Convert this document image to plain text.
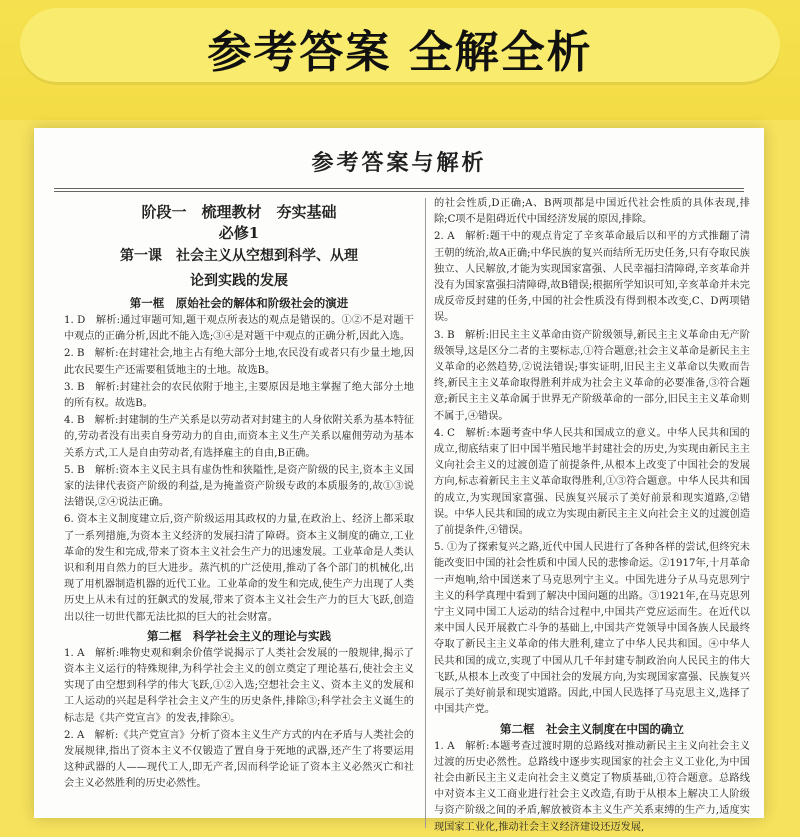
参考答案 全解全析
参考答案与解析

阶段一　梳理教材　夯实基础

必修1

第一课　社会主义从空想到科学、从理

论到实践的发展

第一框　原始社会的解体和阶级社会的演进

1. D　解析:通过审题可知,题干观点所表达的观点是错误的。①②不是对题干中观点的正确分析,因此不能入选;③④是对题干中观点的正确分析,因此入选。

2. B　解析:在封建社会,地主占有绝大部分土地,农民没有或者只有少量土地,因此农民要生产还需要租赁地主的土地。故选B。

3. B　解析:封建社会的农民依附于地主,主要原因是地主掌握了绝大部分土地的所有权。故选B。

4. B　解析:封建制的生产关系是以劳动者对封建主的人身依附关系为基本特征的,劳动者没有出卖自身劳动力的自由,而资本主义生产关系以雇佣劳动为基本关系方式,工人是自由劳动者,有选择雇主的自由,B正确。

5. B　解析:资本主义民主具有虚伪性和狭隘性,是资产阶级的民主,资本主义国家的法律代表资产阶级的利益,是为掩盖资产阶级专政的本质服务的,故①③说法错误,②④说法正确。

6. 资本主义制度建立后,资产阶级运用其政权的力量,在政治上、经济上都采取了一系列措施,为资本主义经济的发展扫清了障碍。资本主义制度的确立,工业革命的发生和完成,带来了资本主义社会生产力的迅速发展。工业革命是人类认识和利用自然力的巨大进步。蒸汽机的广泛使用,推动了各个部门的机械化,出现了用机器制造机器的近代工业。工业革命的发生和完成,使生产力出现了人类历史上从未有过的狂飙式的发展,带来了资本主义社会生产力的巨大飞跃,创造出以往一切世代都无法比拟的巨大的社会财富。

第二框　科学社会主义的理论与实践

1. A　解析:唯物史观和剩余价值学说揭示了人类社会发展的一般规律,揭示了资本主义运行的特殊规律,为科学社会主义的创立奠定了理论基石,使社会主义实现了由空想到科学的伟大飞跃,①②入选;空想社会主义、资本主义的发展和工人运动的兴起是科学社会主义产生的历史条件,排除③;科学社会主义诞生的标志是《共产党宣言》的发表,排除④。

2. A　解析:《共产党宣言》分析了资本主义生产方式的内在矛盾与人类社会的发展规律,指出了资本主义不仅锻造了置自身于死地的武器,还产生了将要运用这种武器的人——现代工人,即无产者,因而科学论证了资本主义必然灭亡和社会主义必然胜利的历史必然性。

的社会性质,D正确;A、B两项都是中国近代社会性质的具体表现,排除;C项不是阻碍近代中国经济发展的原因,排除。

2. A　解析:题干中的观点肯定了辛亥革命最后以和平的方式推翻了清王朝的统治,故A正确;中华民族的复兴而结所无历史任务,只有夺取民族独立、人民解放,才能为实现国家富强、人民幸福扫清障碍,辛亥革命并没有为国家富强扫清障碍,故B错误;根据所学知识可知,辛亥革命并未完成反帝反封建的任务,中国的社会性质没有得到根本改变,C、D两项错误。

3. B　解析:旧民主主义革命由资产阶级领导,新民主主义革命由无产阶级领导,这是区分二者的主要标志,①符合题意;社会主义革命是新民主主义革命的必然趋势,②说法错误;事实证明,旧民主主义革命以失败而告终,新民主主义革命取得胜利并成为社会主义革命的必要准备,③符合题意;新民主主义革命属于世界无产阶级革命的一部分,旧民主主义革命则不属于,④错误。

4. C　解析:本题考查中华人民共和国成立的意义。中华人民共和国的成立,彻底结束了旧中国半殖民地半封建社会的历史,为实现由新民主主义向社会主义的过渡创造了前提条件,从根本上改变了中国社会的发展方向,标志着新民主主义革命取得胜利,①③符合题意。中华人民共和国的成立,为实现国家富强、民族复兴展示了美好前景和现实道路,②错误。中华人民共和国的成立为实现由新民主主义向社会主义的过渡创造了前提条件,④错误。

5. ①为了探索复兴之路,近代中国人民进行了各种各样的尝试,但终究未能改变旧中国的社会性质和中国人民的悲惨命运。②1917年,十月革命一声炮响,给中国送来了马克思列宁主义。中国先进分子从马克思列宁主义的科学真理中看到了解决中国问题的出路。③1921年,在马克思列宁主义同中国工人运动的结合过程中,中国共产党应运而生。在近代以来中国人民开展救亡斗争的基础上,中国共产党领导中国各族人民最终夺取了新民主主义革命的伟大胜利,建立了中华人民共和国。④中华人民共和国的成立,实现了中国从几千年封建专制政治向人民民主的伟大飞跃,从根本上改变了中国社会的发展方向,为实现国家富强、民族复兴展示了美好前景和现实道路。因此,中国人民选择了马克思主义,选择了中国共产党。

第二框　社会主义制度在中国的确立

1. A　解析:本题考查过渡时期的总路线对推动新民主主义向社会主义过渡的历史必然性。总路线中逐步实现国家的社会主义工业化,为中国社会由新民主主义走向社会主义奠定了物质基础,①符合题意。总路线中对资本主义工商业进行社会主义改造,有助于从根本上解决工人阶级与资产阶级之间的矛盾,解放被资本主义生产关系束缚的生产力,适度实现国家工业化,推动社会主义经济建设还迈发展,
